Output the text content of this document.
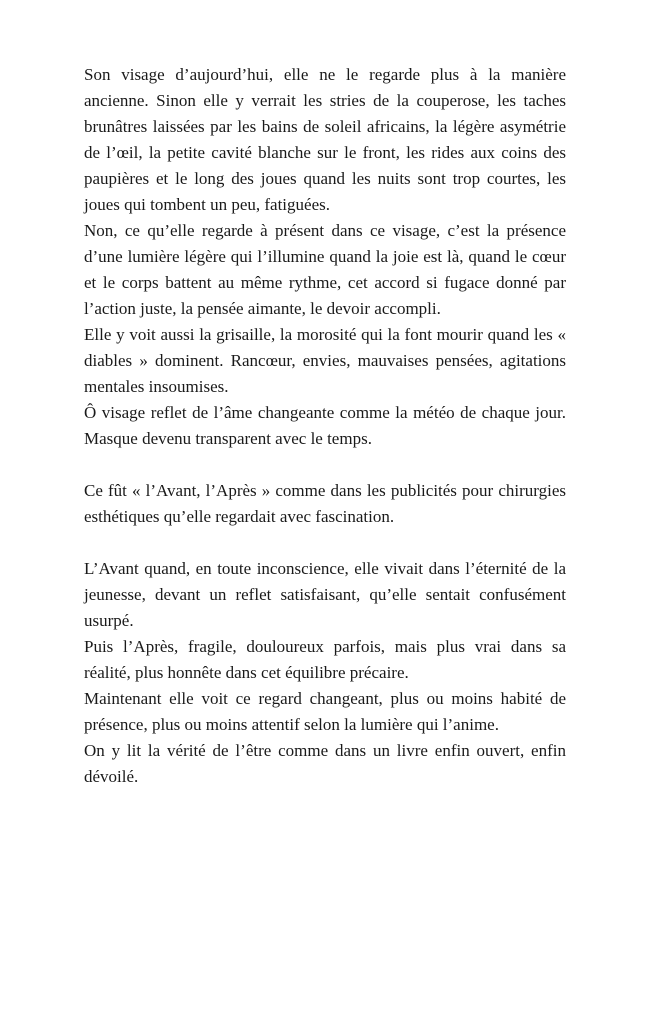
Son visage d’aujourd’hui, elle ne le regarde plus à la manière ancienne. Sinon elle y verrait les stries de la couperose, les taches brunâtres laissées par les bains de soleil africains, la légère asymétrie de l’œil, la petite cavité blanche sur le front, les rides aux coins des paupières et le long des joues quand les nuits sont trop courtes, les joues qui tombent un peu, fatiguées.

Non, ce qu’elle regarde à présent dans ce visage, c’est la présence d’une lumière légère qui l’illumine quand la joie est là, quand le cœur et le corps battent au même rythme, cet accord si fugace donné par l’action juste, la pensée aimante, le devoir accompli.

Elle y voit aussi la grisaille, la morosité qui la font mourir quand les « diables » dominent. Rancœur, envies, mauvaises pensées, agitations mentales insoumises.

Ô visage reflet de l’âme changeante comme la météo de chaque jour. Masque devenu transparent avec le temps.

Ce fût « l’Avant, l’Après » comme dans les publicités pour chirurgies esthétiques qu’elle regardait avec fascination.

L’Avant quand, en toute inconscience, elle vivait dans l’éternité de la jeunesse, devant un reflet satisfaisant, qu’elle sentait confusément usurpé.

Puis l’Après, fragile, douloureux parfois, mais plus vrai dans sa réalité, plus honnête dans cet équilibre précaire.

Maintenant elle voit ce regard changeant, plus ou moins habité de présence, plus ou moins attentif selon la lumière qui l’anime.

On y lit la vérité de l’être comme dans un livre enfin ouvert, enfin dévoilé.
